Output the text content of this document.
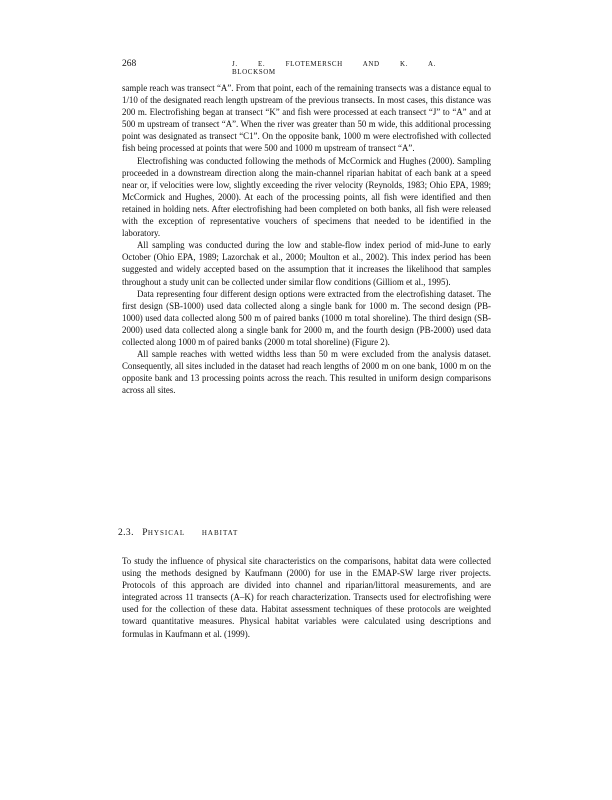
268	J. E. FLOTEMERSCH AND K. A. BLOCKSOM

sample reach was transect “A”. From that point, each of the remaining transects was a distance equal to 1/10 of the designated reach length upstream of the previous transects. In most cases, this distance was 200 m. Electrofishing began at transect “K” and fish were processed at each transect “J” to “A” and at 500 m upstream of transect “A”. When the river was greater than 50 m wide, this additional processing point was designated as transect “C1”. On the opposite bank, 1000 m were electrofished with collected fish being processed at points that were 500 and 1000 m upstream of transect “A”.

Electrofishing was conducted following the methods of McCormick and Hughes (2000). Sampling proceeded in a downstream direction along the main-channel riparian habitat of each bank at a speed near or, if velocities were low, slightly exceeding the river velocity (Reynolds, 1983; Ohio EPA, 1989; McCormick and Hughes, 2000). At each of the processing points, all fish were identified and then retained in holding nets. After electrofishing had been completed on both banks, all fish were released with the exception of representative vouchers of specimens that needed to be identified in the laboratory.

All sampling was conducted during the low and stable-flow index period of mid-June to early October (Ohio EPA, 1989; Lazorchak et al., 2000; Moulton et al., 2002). This index period has been suggested and widely accepted based on the assumption that it increases the likelihood that samples throughout a study unit can be collected under similar flow conditions (Gilliom et al., 1995).

Data representing four different design options were extracted from the electrofishing dataset. The first design (SB-1000) used data collected along a single bank for 1000 m. The second design (PB-1000) used data collected along 500 m of paired banks (1000 m total shoreline). The third design (SB-2000) used data collected along a single bank for 2000 m, and the fourth design (PB-2000) used data collected along 1000 m of paired banks (2000 m total shoreline) (Figure 2).

All sample reaches with wetted widths less than 50 m were excluded from the analysis dataset. Consequently, all sites included in the dataset had reach lengths of 2000 m on one bank, 1000 m on the opposite bank and 13 processing points across the reach. This resulted in uniform design comparisons across all sites.

2.3. PHYSICAL HABITAT

To study the influence of physical site characteristics on the comparisons, habitat data were collected using the methods designed by Kaufmann (2000) for use in the EMAP-SW large river projects. Protocols of this approach are divided into channel and riparian/littoral measurements, and are integrated across 11 transects (A–K) for reach characterization. Transects used for electrofishing were used for the collection of these data. Habitat assessment techniques of these protocols are weighted toward quantitative measures. Physical habitat variables were calculated using descriptions and formulas in Kaufmann et al. (1999).
